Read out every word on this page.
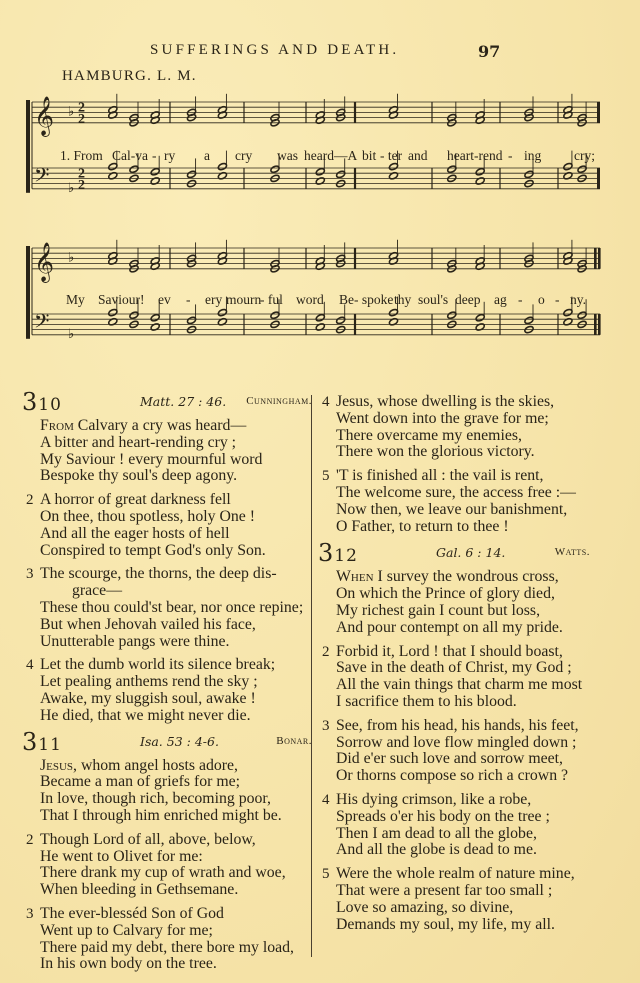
SUFFERINGS AND DEATH.	97
HAMBURG. L. M.
𝄞
𝄢
♭
♭
2
2
2
2
1. From Cal-va - ry a cry was heard—A bit - ter and heart-rend - ing cry;
𝄞
𝄢
♭
♭
My Saviour! ev - ery mourn
- ful word Be - spoke thy soul's deep ag - o - ny.
310	Matt. 27 : 46. Cunningham.
From Calvary a cry was heard—
A bitter and heart-rending cry ;
My Saviour ! every mournful word
Bespoke thy soul's deep agony.
2 A horror of great darkness fell
On thee, thou spotless, holy One !
And all the eager hosts of hell
Conspired to tempt God's only Son.
3 The scourge, the thorns, the deep dis-
grace—
These thou could'st bear, nor once repine;
But when Jehovah vailed his face,
Unutterable pangs were thine.
4 Let the dumb world its silence break;
Let pealing anthems rend the sky ;
Awake, my sluggish soul, awake !
He died, that we might never die.
311	Isa. 53 : 4-6.	Bonar.
Jesus, whom angel hosts adore,
Became a man of griefs for me;
In love, though rich, becoming poor,
That I through him enriched might be.
2 Though Lord of all, above, below,
He went to Olivet for me:
There drank my cup of wrath and woe,
When bleeding in Gethsemane.
3 The ever-blesséd Son of God
Went up to Calvary for me;
There paid my debt, there bore my load,
In his own body on the tree.
4 Jesus, whose dwelling is the skies,
Went down into the grave for me;
There overcame my enemies,
There won the glorious victory.
5 'T is finished all : the vail is rent,
The welcome sure, the access free :—
Now then, we leave our banishment,
O Father, to return to thee !
312	Gal. 6 : 14.	Watts.
When I survey the wondrous cross,
On which the Prince of glory died,
My richest gain I count but loss,
And pour contempt on all my pride.
2 Forbid it, Lord ! that I should boast,
Save in the death of Christ, my God ;
All the vain things that charm me most
I sacrifice them to his blood.
3 See, from his head, his hands, his feet,
Sorrow and love flow mingled down ;
Did e'er such love and sorrow meet,
Or thorns compose so rich a crown ?
4 His dying crimson, like a robe,
Spreads o'er his body on the tree ;
Then I am dead to all the globe,
And all the globe is dead to me.
5 Were the whole realm of nature mine,
That were a present far too small ;
Love so amazing, so divine,
Demands my soul, my life, my all.
